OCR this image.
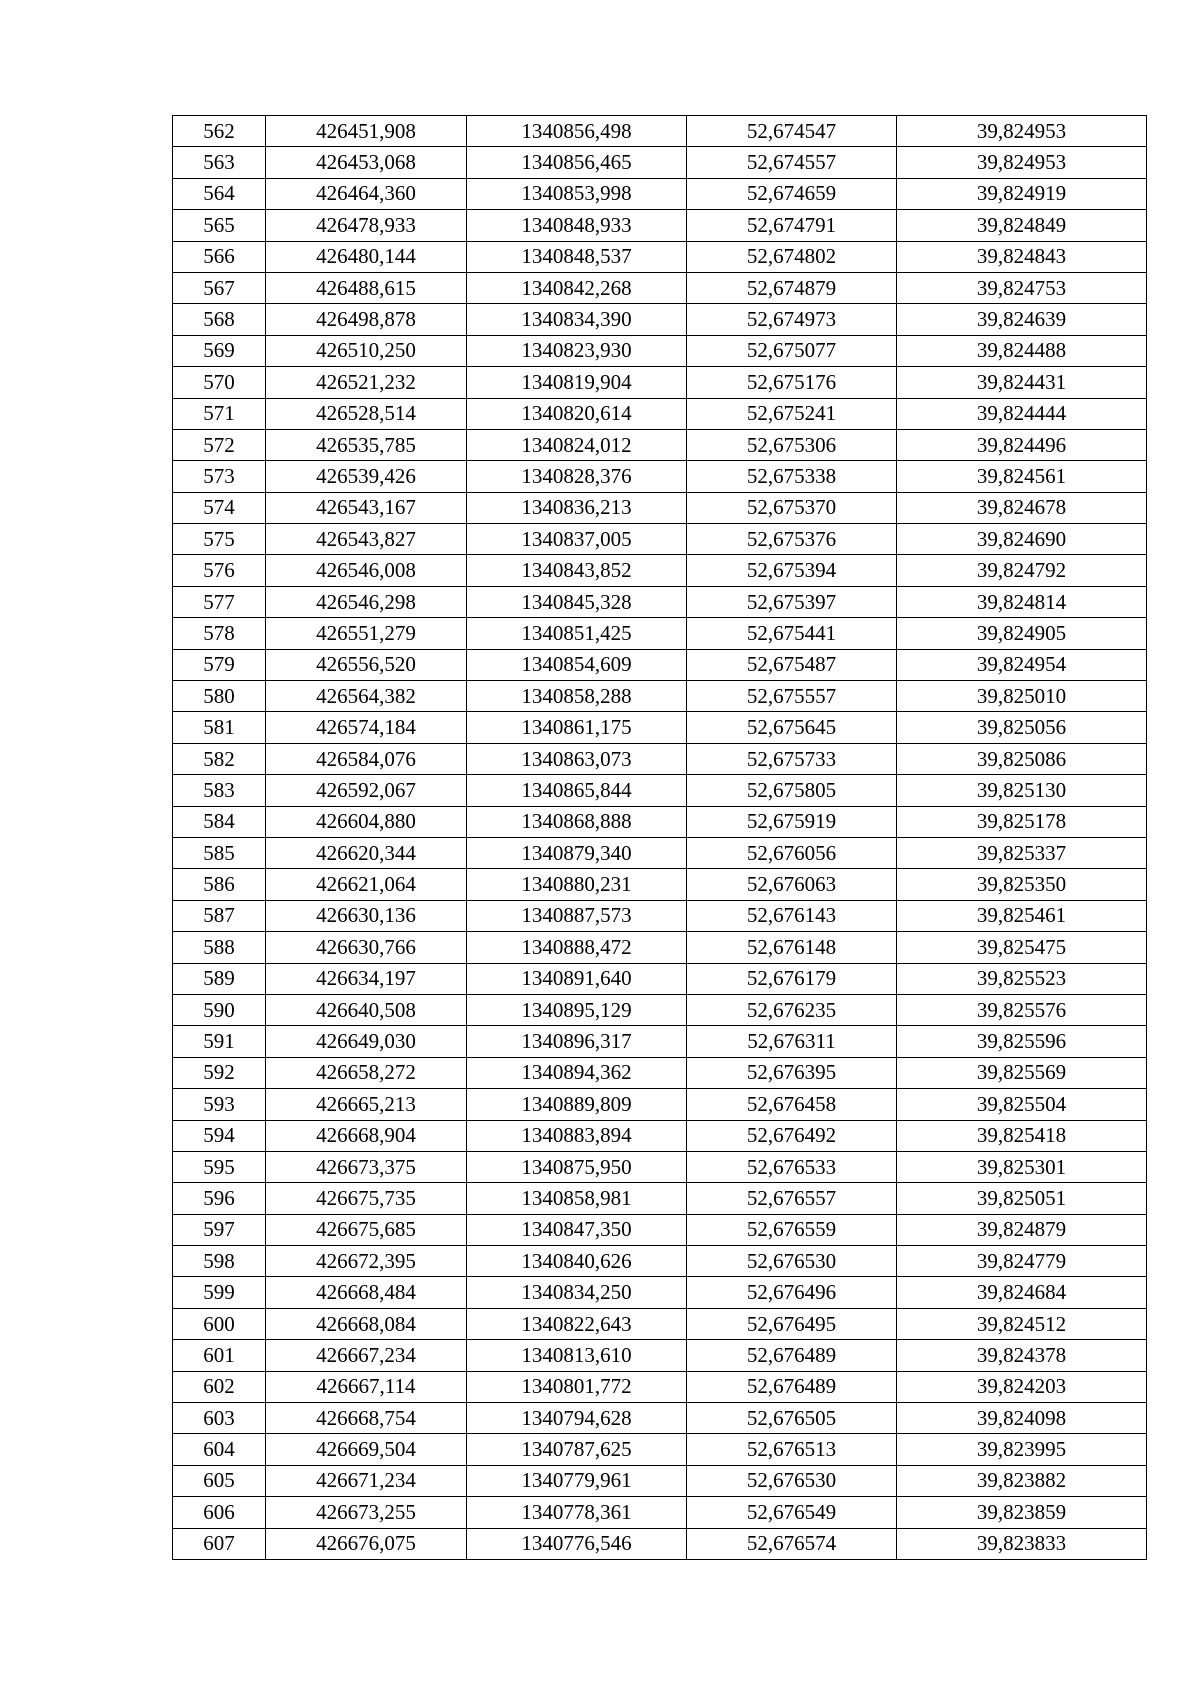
562	426451,908	1340856,498	52,674547	39,824953
563	426453,068	1340856,465	52,674557	39,824953
564	426464,360	1340853,998	52,674659	39,824919
565	426478,933	1340848,933	52,674791	39,824849
566	426480,144	1340848,537	52,674802	39,824843
567	426488,615	1340842,268	52,674879	39,824753
568	426498,878	1340834,390	52,674973	39,824639
569	426510,250	1340823,930	52,675077	39,824488
570	426521,232	1340819,904	52,675176	39,824431
571	426528,514	1340820,614	52,675241	39,824444
572	426535,785	1340824,012	52,675306	39,824496
573	426539,426	1340828,376	52,675338	39,824561
574	426543,167	1340836,213	52,675370	39,824678
575	426543,827	1340837,005	52,675376	39,824690
576	426546,008	1340843,852	52,675394	39,824792
577	426546,298	1340845,328	52,675397	39,824814
578	426551,279	1340851,425	52,675441	39,824905
579	426556,520	1340854,609	52,675487	39,824954
580	426564,382	1340858,288	52,675557	39,825010
581	426574,184	1340861,175	52,675645	39,825056
582	426584,076	1340863,073	52,675733	39,825086
583	426592,067	1340865,844	52,675805	39,825130
584	426604,880	1340868,888	52,675919	39,825178
585	426620,344	1340879,340	52,676056	39,825337
586	426621,064	1340880,231	52,676063	39,825350
587	426630,136	1340887,573	52,676143	39,825461
588	426630,766	1340888,472	52,676148	39,825475
589	426634,197	1340891,640	52,676179	39,825523
590	426640,508	1340895,129	52,676235	39,825576
591	426649,030	1340896,317	52,676311	39,825596
592	426658,272	1340894,362	52,676395	39,825569
593	426665,213	1340889,809	52,676458	39,825504
594	426668,904	1340883,894	52,676492	39,825418
595	426673,375	1340875,950	52,676533	39,825301
596	426675,735	1340858,981	52,676557	39,825051
597	426675,685	1340847,350	52,676559	39,824879
598	426672,395	1340840,626	52,676530	39,824779
599	426668,484	1340834,250	52,676496	39,824684
600	426668,084	1340822,643	52,676495	39,824512
601	426667,234	1340813,610	52,676489	39,824378
602	426667,114	1340801,772	52,676489	39,824203
603	426668,754	1340794,628	52,676505	39,824098
604	426669,504	1340787,625	52,676513	39,823995
605	426671,234	1340779,961	52,676530	39,823882
606	426673,255	1340778,361	52,676549	39,823859
607	426676,075	1340776,546	52,676574	39,823833
